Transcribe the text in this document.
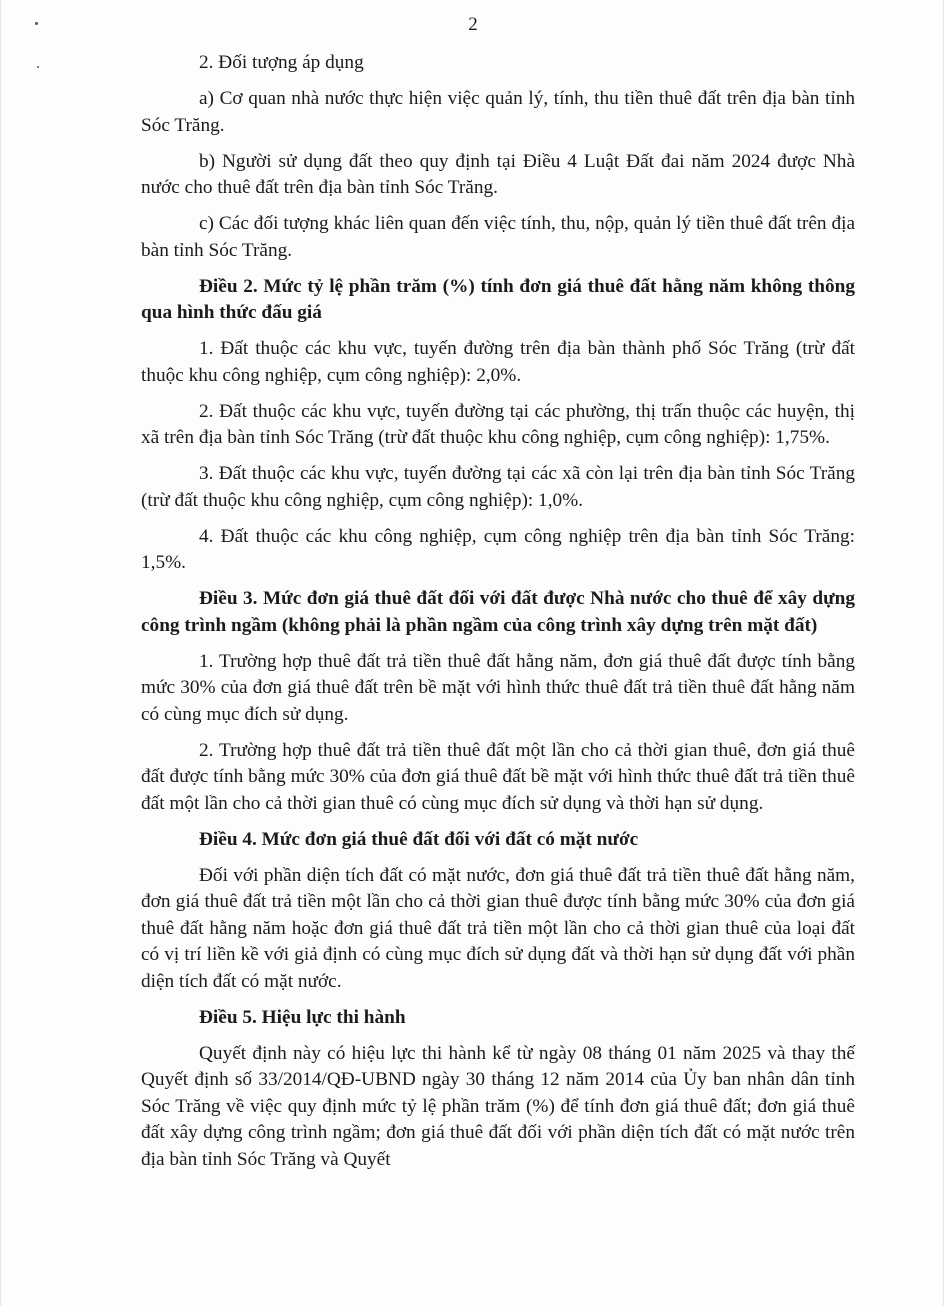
2

2. Đối tượng áp dụng

a) Cơ quan nhà nước thực hiện việc quản lý, tính, thu tiền thuê đất trên địa bàn tỉnh Sóc Trăng.

b) Người sử dụng đất theo quy định tại Điều 4 Luật Đất đai năm 2024 được Nhà nước cho thuê đất trên địa bàn tỉnh Sóc Trăng.

c) Các đối tượng khác liên quan đến việc tính, thu, nộp, quản lý tiền thuê đất trên địa bàn tỉnh Sóc Trăng.

Điều 2. Mức tỷ lệ phần trăm (%) tính đơn giá thuê đất hằng năm không thông qua hình thức đấu giá

1. Đất thuộc các khu vực, tuyến đường trên địa bàn thành phố Sóc Trăng (trừ đất thuộc khu công nghiệp, cụm công nghiệp): 2,0%.

2. Đất thuộc các khu vực, tuyến đường tại các phường, thị trấn thuộc các huyện, thị xã trên địa bàn tỉnh Sóc Trăng (trừ đất thuộc khu công nghiệp, cụm công nghiệp): 1,75%.

3. Đất thuộc các khu vực, tuyến đường tại các xã còn lại trên địa bàn tỉnh Sóc Trăng (trừ đất thuộc khu công nghiệp, cụm công nghiệp): 1,0%.

4. Đất thuộc các khu công nghiệp, cụm công nghiệp trên địa bàn tỉnh Sóc Trăng: 1,5%.

Điều 3. Mức đơn giá thuê đất đối với đất được Nhà nước cho thuê để xây dựng công trình ngầm (không phải là phần ngầm của công trình xây dựng trên mặt đất)

1. Trường hợp thuê đất trả tiền thuê đất hằng năm, đơn giá thuê đất được tính bằng mức 30% của đơn giá thuê đất trên bề mặt với hình thức thuê đất trả tiền thuê đất hằng năm có cùng mục đích sử dụng.

2. Trường hợp thuê đất trả tiền thuê đất một lần cho cả thời gian thuê, đơn giá thuê đất được tính bằng mức 30% của đơn giá thuê đất bề mặt với hình thức thuê đất trả tiền thuê đất một lần cho cả thời gian thuê có cùng mục đích sử dụng và thời hạn sử dụng.

Điều 4. Mức đơn giá thuê đất đối với đất có mặt nước

Đối với phần diện tích đất có mặt nước, đơn giá thuê đất trả tiền thuê đất hằng năm, đơn giá thuê đất trả tiền một lần cho cả thời gian thuê được tính bằng mức 30% của đơn giá thuê đất hằng năm hoặc đơn giá thuê đất trả tiền một lần cho cả thời gian thuê của loại đất có vị trí liền kề với giả định có cùng mục đích sử dụng đất và thời hạn sử dụng đất với phần diện tích đất có mặt nước.

Điều 5. Hiệu lực thi hành

Quyết định này có hiệu lực thi hành kể từ ngày 08 tháng 01 năm 2025 và thay thế Quyết định số 33/2014/QĐ-UBND ngày 30 tháng 12 năm 2014 của Ủy ban nhân dân tỉnh Sóc Trăng về việc quy định mức tỷ lệ phần trăm (%) để tính đơn giá thuê đất; đơn giá thuê đất xây dựng công trình ngầm; đơn giá thuê đất đối với phần diện tích đất có mặt nước trên địa bàn tỉnh Sóc Trăng và Quyết
